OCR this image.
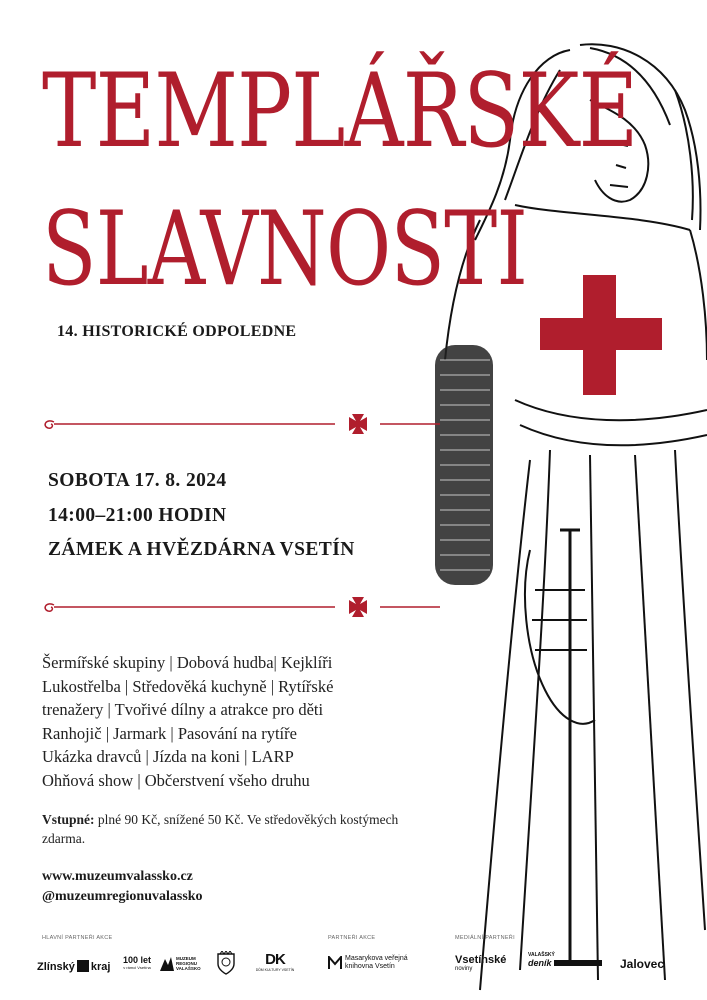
TEMPLÁŘSKÉ
SLAVNOSTI
14. HISTORICKÉ ODPOLEDNE
SOBOTA 17. 8. 2024
14:00–21:00 HODIN
ZÁMEK A HVĚZDÁRNA VSETÍN
Šermířské skupiny | Dobová hudba| Kejklíři
Lukostřelba | Středověká kuchyně | Rytířské
trenažery | Tvořivé dílny a atrakce pro děti
Ranhojič | Jarmark | Pasování na rytíře
Ukázka dravců | Jízda na koni | LARP
Ohňová show | Občerstvení všeho druhu
Vstupné: plné 90 Kč, snížené 50 Kč. Ve středověkých kostýmech zdarma.
www.muzeumvalassko.cz
@muzeumregionuvalassko
HLAVNÍ PARTNEŘI AKCE	PARTNEŘI AKCE	MEDIÁLNÍ PARTNEŘI
Zlínský kraj
100 let
v rámci Vsetína
MUZEUM
REGIONU
VALAŠSKO	DK
DŮM KULTURY VSETÍN
Masarykova veřejná
knihovna Vsetín
Vsetínské
noviny
VALAŠSKÝ
deník	Jalovec
